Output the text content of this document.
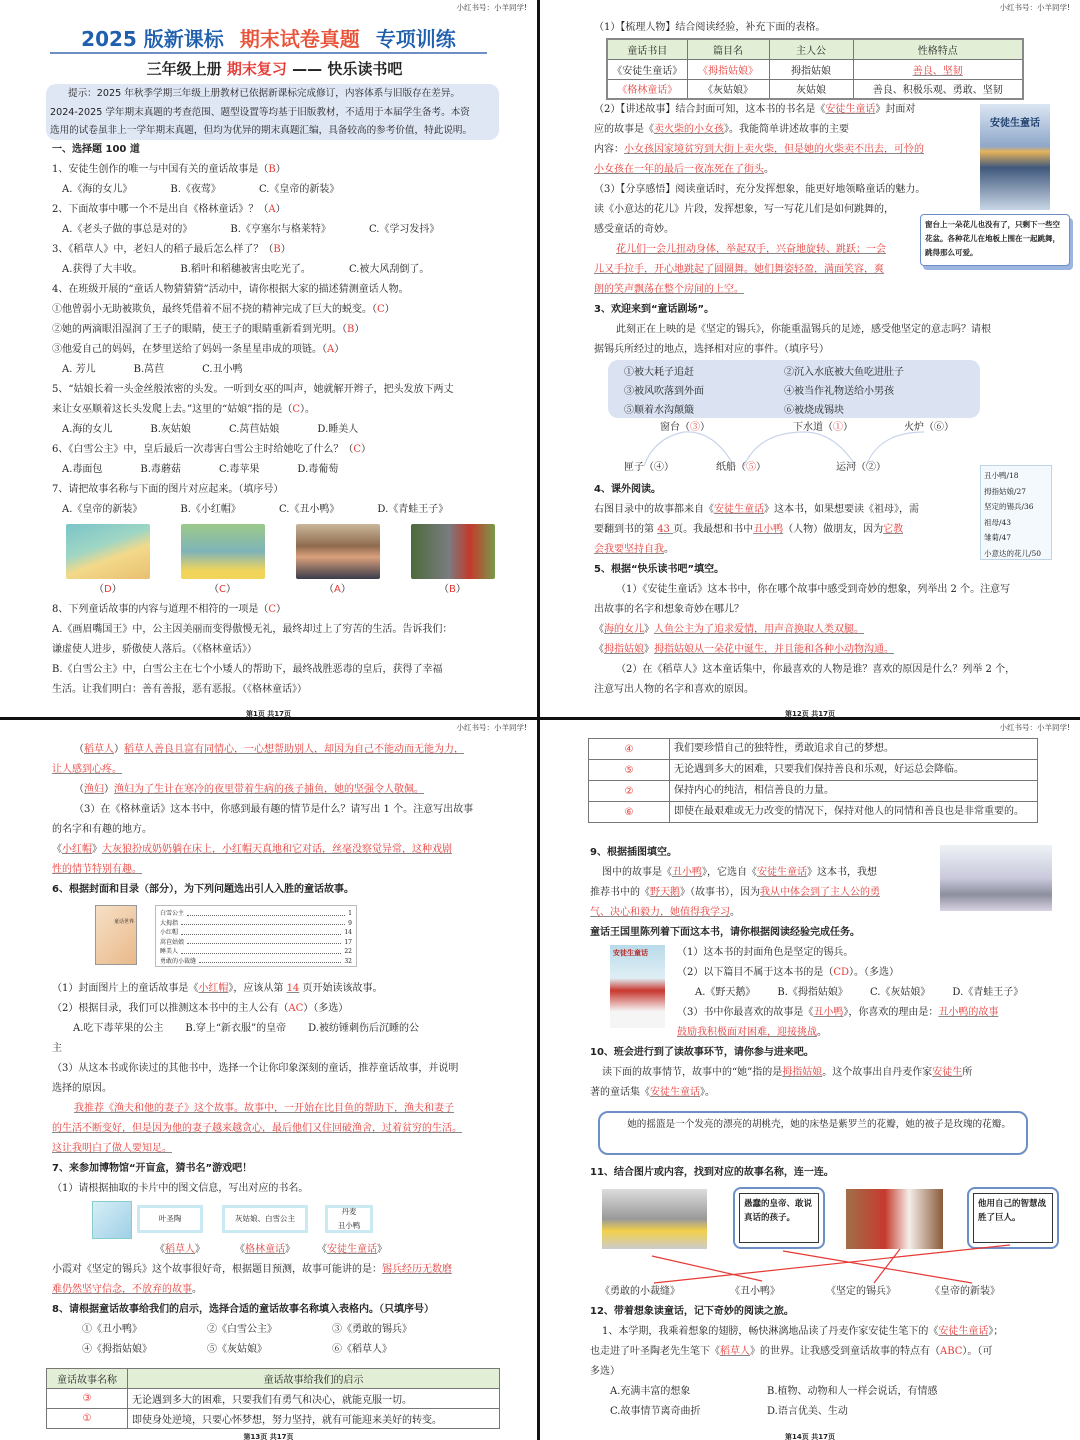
小红书号：小羊同学!
2025 版新课标 期末试卷真题 专项训练
三年级上册 期末复习 —— 快乐读书吧
提示：2025 年秋季学期三年级上册教材已依据新课标完成修订，内容体系与旧版存在差异。
2024-2025 学年期末真题的考查范围、题型设置等均基于旧版教材，不适用于本届学生备考。本资
选用的试卷虽非上一学年期末真题，但均为优异的期末真题汇编，具备较高的参考价值，特此说明。
一、选择题 100 道
1、安徒生创作的唯一与中国有关的童话故事是（B）
A.《海的女儿》	B.《夜莺》	C.《皇帝的新装》
2、下面故事中哪一个不是出自《格林童话》？（A）
A.《老头子做的事总是对的》	B.《亨塞尔与格莱特》	C.《学习发抖》
3、《稻草人》中，老妇人的稻子最后怎么样了？（B）
A.获得了大丰收。	B.稻叶和稻穗被害虫吃光了。	C.被大风刮倒了。
4、在班级开展的“童话人物猜猜猜”活动中，请你根据大家的描述猜测童话人物。
①他曾弱小无助被欺负，最终凭借着不屈不挠的精神完成了巨大的蜕变。（C）
②她的两滴眼泪湿润了王子的眼睛，使王子的眼睛重新看到光明。（B）
③他爱自己的妈妈，在梦里送给了妈妈一条星星串成的项链。（A）
A. 芳儿	B.莴苣	C.丑小鸭
5、“姑娘长着一头金丝般浓密的头发。一听到女巫的叫声，她就解开辫子，把头发放下两丈
来让女巫顺着这长头发爬上去。”这里的“姑娘”指的是（C）。
A.海的女儿	B.灰姑娘	C.莴苣姑娘	D.睡美人
6、《白雪公主》中，皇后最后一次毒害白雪公主时给她吃了什么？（C）
A.毒面包	B.毒蘑菇	C.毒苹果	D.毒葡萄
7、请把故事名称与下面的图片对应起来。（填序号）
A.《皇帝的新装》	B.《小红帽》	C.《丑小鸭》	D.《青蛙王子》
（D）	（C）	（A）	（B）
8、下列童话故事的内容与道理不相符的一项是（C）
A.《画眉嘴国王》中，公主因美丽而变得傲慢无礼，最终却过上了穷苦的生活。告诉我们：
谦虚使人进步，骄傲使人落后。（《格林童话》）
B.《白雪公主》中，白雪公主在七个小矮人的帮助下，最终战胜恶毒的皇后，获得了幸福
生活。让我们明白：善有善报，恶有恶报。（《格林童话》）
第1页 共17页
小红书号：小羊同学!
（1）【梳理人物】结合阅读经验，补充下面的表格。
童话书目	篇目名	主人公	性格特点
《安徒生童话》	《拇指姑娘》	拇指姑娘	善良、坚韧
《格林童话》	《灰姑娘》	灰姑娘	善良、积极乐观、勇敢、坚韧
（2）【讲述故事】结合封面可知，这本书的书名是《安徒生童话》封面对
应的故事是《卖火柴的小女孩》。我能简单讲述故事的主要
内容：小女孩因家境贫穷到大街上卖火柴，但是她的火柴卖不出去，可怜的
小女孩在一年的最后一夜冻死在了街头。
（3）【分享感悟】阅读童话时，充分发挥想象，能更好地领略童话的魅力。
读《小意达的花儿》片段，发挥想象，写一写花儿们是如何跳舞的，
感受童话的奇妙。
花儿们一会儿扭动身体，举起双手，兴奋地旋转、跳跃；一会
儿又手拉手，开心地跳起了圆圈舞。她们舞姿轻盈，满面笑容，爽
朗的笑声飘荡在整个房间的上空。
3、欢迎来到“童话剧场”。
此刻正在上映的是《坚定的锡兵》，你能重温锡兵的足迹，感受他坚定的意志吗？请根
据锡兵所经过的地点，选择相对应的事件。（填序号）
①被大耗子追赶	②沉入水底被大鱼吃进肚子
③被风吹落到外面	④被当作礼物送给小男孩
⑤顺着水沟颠簸	⑥被烧成锡块
窗台（③）	下水道（①）	火炉（⑥）
匣子（④）	纸船（⑤）	运河（②）
4、课外阅读。
右图目录中的故事都来自《安徒生童话》这本书，如果想要读《祖母》，需
要翻到书的第 43 页。我最想和书中丑小鸭（人物）做朋友，因为它教
会我要坚持自我。
5、根据“快乐读书吧”填空。
（1）《安徒生童话》这本书中，你在哪个故事中感受到奇妙的想象，列举出 2 个。注意写
出故事的名字和想象奇妙在哪儿？
《海的女儿》人鱼公主为了追求爱情，用声音换取人类双腿。
《拇指姑娘》拇指姑娘从一朵花中诞生，并且能和各种小动物沟通。
（2）在《稻草人》这本童话集中，你最喜欢的人物是谁？喜欢的原因是什么？列举 2 个，
注意写出人物的名字和喜欢的原因。
安徒生童话
窗台上一朵花儿也没有了，只剩下一些空花盆。各种花儿在地板上围在一起跳舞，跳得那么可爱。
丑小鸭/18
拇指姑娘/27
坚定的锡兵/36
祖母/43
雏菊/47
小意达的花儿/50
第12页 共17页
小红书号：小羊同学!
（稻草人）稻草人善良且富有同情心，一心想帮助别人，却因为自己不能动而无能为力，
让人感到心疼。
（渔妇）渔妇为了生计在寒冷的夜里带着生病的孩子捕鱼，她的坚强令人敬佩。
（3）在《格林童话》这本书中，你感到最有趣的情节是什么？请写出 1 个。注意写出故事
的名字和有趣的地方。
《小红帽》大灰狼扮成奶奶躺在床上，小红帽天真地和它对话，丝毫没察觉异常，这种戏剧
性的情节特别有趣。
6、根据封面和目录（部分），为下列问题选出引人入胜的童话故事。
童话世界
白雪公主	1
大拇指	9
小红帽	14
莴苣姑娘	17
睡美人	22
勇敢的小裁缝	32
（1）封面图片上的童话故事是《小红帽》，应该从第 14 页开始读该故事。
（2）根据目录，我们可以推测这本书中的主人公有（AC）（多选）
A.吃下毒苹果的公主 B.穿上“新衣服”的皇帝 D.被纺锤刺伤后沉睡的公
主
（3）从这本书或你读过的其他书中，选择一个让你印象深刻的童话，推荐童话故事，并说明
选择的原因。
我推荐《渔夫和他的妻子》这个故事。故事中，一开始在比目鱼的帮助下，渔夫和妻子
的生活不断变好，但是因为他的妻子越来越贪心，最后他们又住回破渔舍，过着贫穷的生活。
这让我明白了做人要知足。
7、来参加博物馆“开盲盒，猜书名”游戏吧！
（1）请根据抽取的卡片中的图文信息，写出对应的书名。
叶圣陶	灰姑娘、白雪公主
丹麦
丑小鸭
《稻草人》	《格林童话》	《安徒生童话》
小霞对《坚定的锡兵》这个故事很好奇，根据题目预测，故事可能讲的是：锡兵经历无数磨
难仍然坚守信念，不放弃的故事。
8、请根据童话故事给我们的启示，选择合适的童话故事名称填入表格内。（只填序号）
①《丑小鸭》	②《白雪公主》	③《勇敢的锡兵》
④《拇指姑娘》	⑤《灰姑娘》	⑥《稻草人》
童话故事名称	童话故事给我们的启示
③	无论遇到多大的困难，只要我们有勇气和决心，就能克服一切。
①	即使身处逆境，只要心怀梦想，努力坚持，就有可能迎来美好的转变。
第13页 共17页
小红书号：小羊同学!
④	我们要珍惜自己的独特性，勇敢追求自己的梦想。
⑤	无论遇到多大的困难，只要我们保持善良和乐观，好运总会降临。
②	保持内心的纯洁，相信善良的力量。
⑥	即使在最艰难或无力改变的情况下，保持对他人的同情和善良也是非常重要的。
9、根据插图填空。
图中的故事是《丑小鸭》，它选自《安徒生童话》这本书，我想
推荐书中的《野天鹅》（故事书），因为我从中体会到了主人公的勇
气、决心和毅力，她值得我学习。
童话王国里陈列着下面这本书，请你根据阅读经验完成任务。
（1）这本书的封面角色是坚定的锡兵。
（2）以下篇目不属于这本书的是（CD）。（多选）
A.《野天鹅》 B.《拇指姑娘》 C.《灰姑娘》 D.《青蛙王子》
（3）书中你最喜欢的故事是《丑小鸭》，你喜欢的理由是：丑小鸭的故事
鼓励我积极面对困难，迎接挑战。
10、班会进行到了读故事环节，请你参与进来吧。
读下面的故事情节，故事中的“她”指的是拇指姑娘。这个故事出自丹麦作家安徒生所
著的童话集《安徒生童话》。
她的摇篮是一个发亮的漂亮的胡桃壳，她的床垫是紫罗兰的花瓣，她的被子是玫瑰的花瓣。
11、结合图片或内容，找到对应的故事名称，连一连。
愚蠢的皇帝、敢说真话的孩子。
他用自己的智慧战胜了巨人。
《勇敢的小裁缝》	《丑小鸭》	《坚定的锡兵》	《皇帝的新装》
12、带着想象读童话，记下奇妙的阅读之旅。
1、本学期，我乘着想象的翅膀，畅快淋漓地品读了丹麦作家安徒生笔下的《安徒生童话》；
也走进了叶圣陶老先生笔下《稻草人》的世界。让我感受到童话故事的特点有（ABC）。（可
多选）
A.充满丰富的想象	B.植物、动物和人一样会说话，有情感
C.故事情节离奇曲折	D.语言优美、生动
安徒生童话
第14页 共17页
